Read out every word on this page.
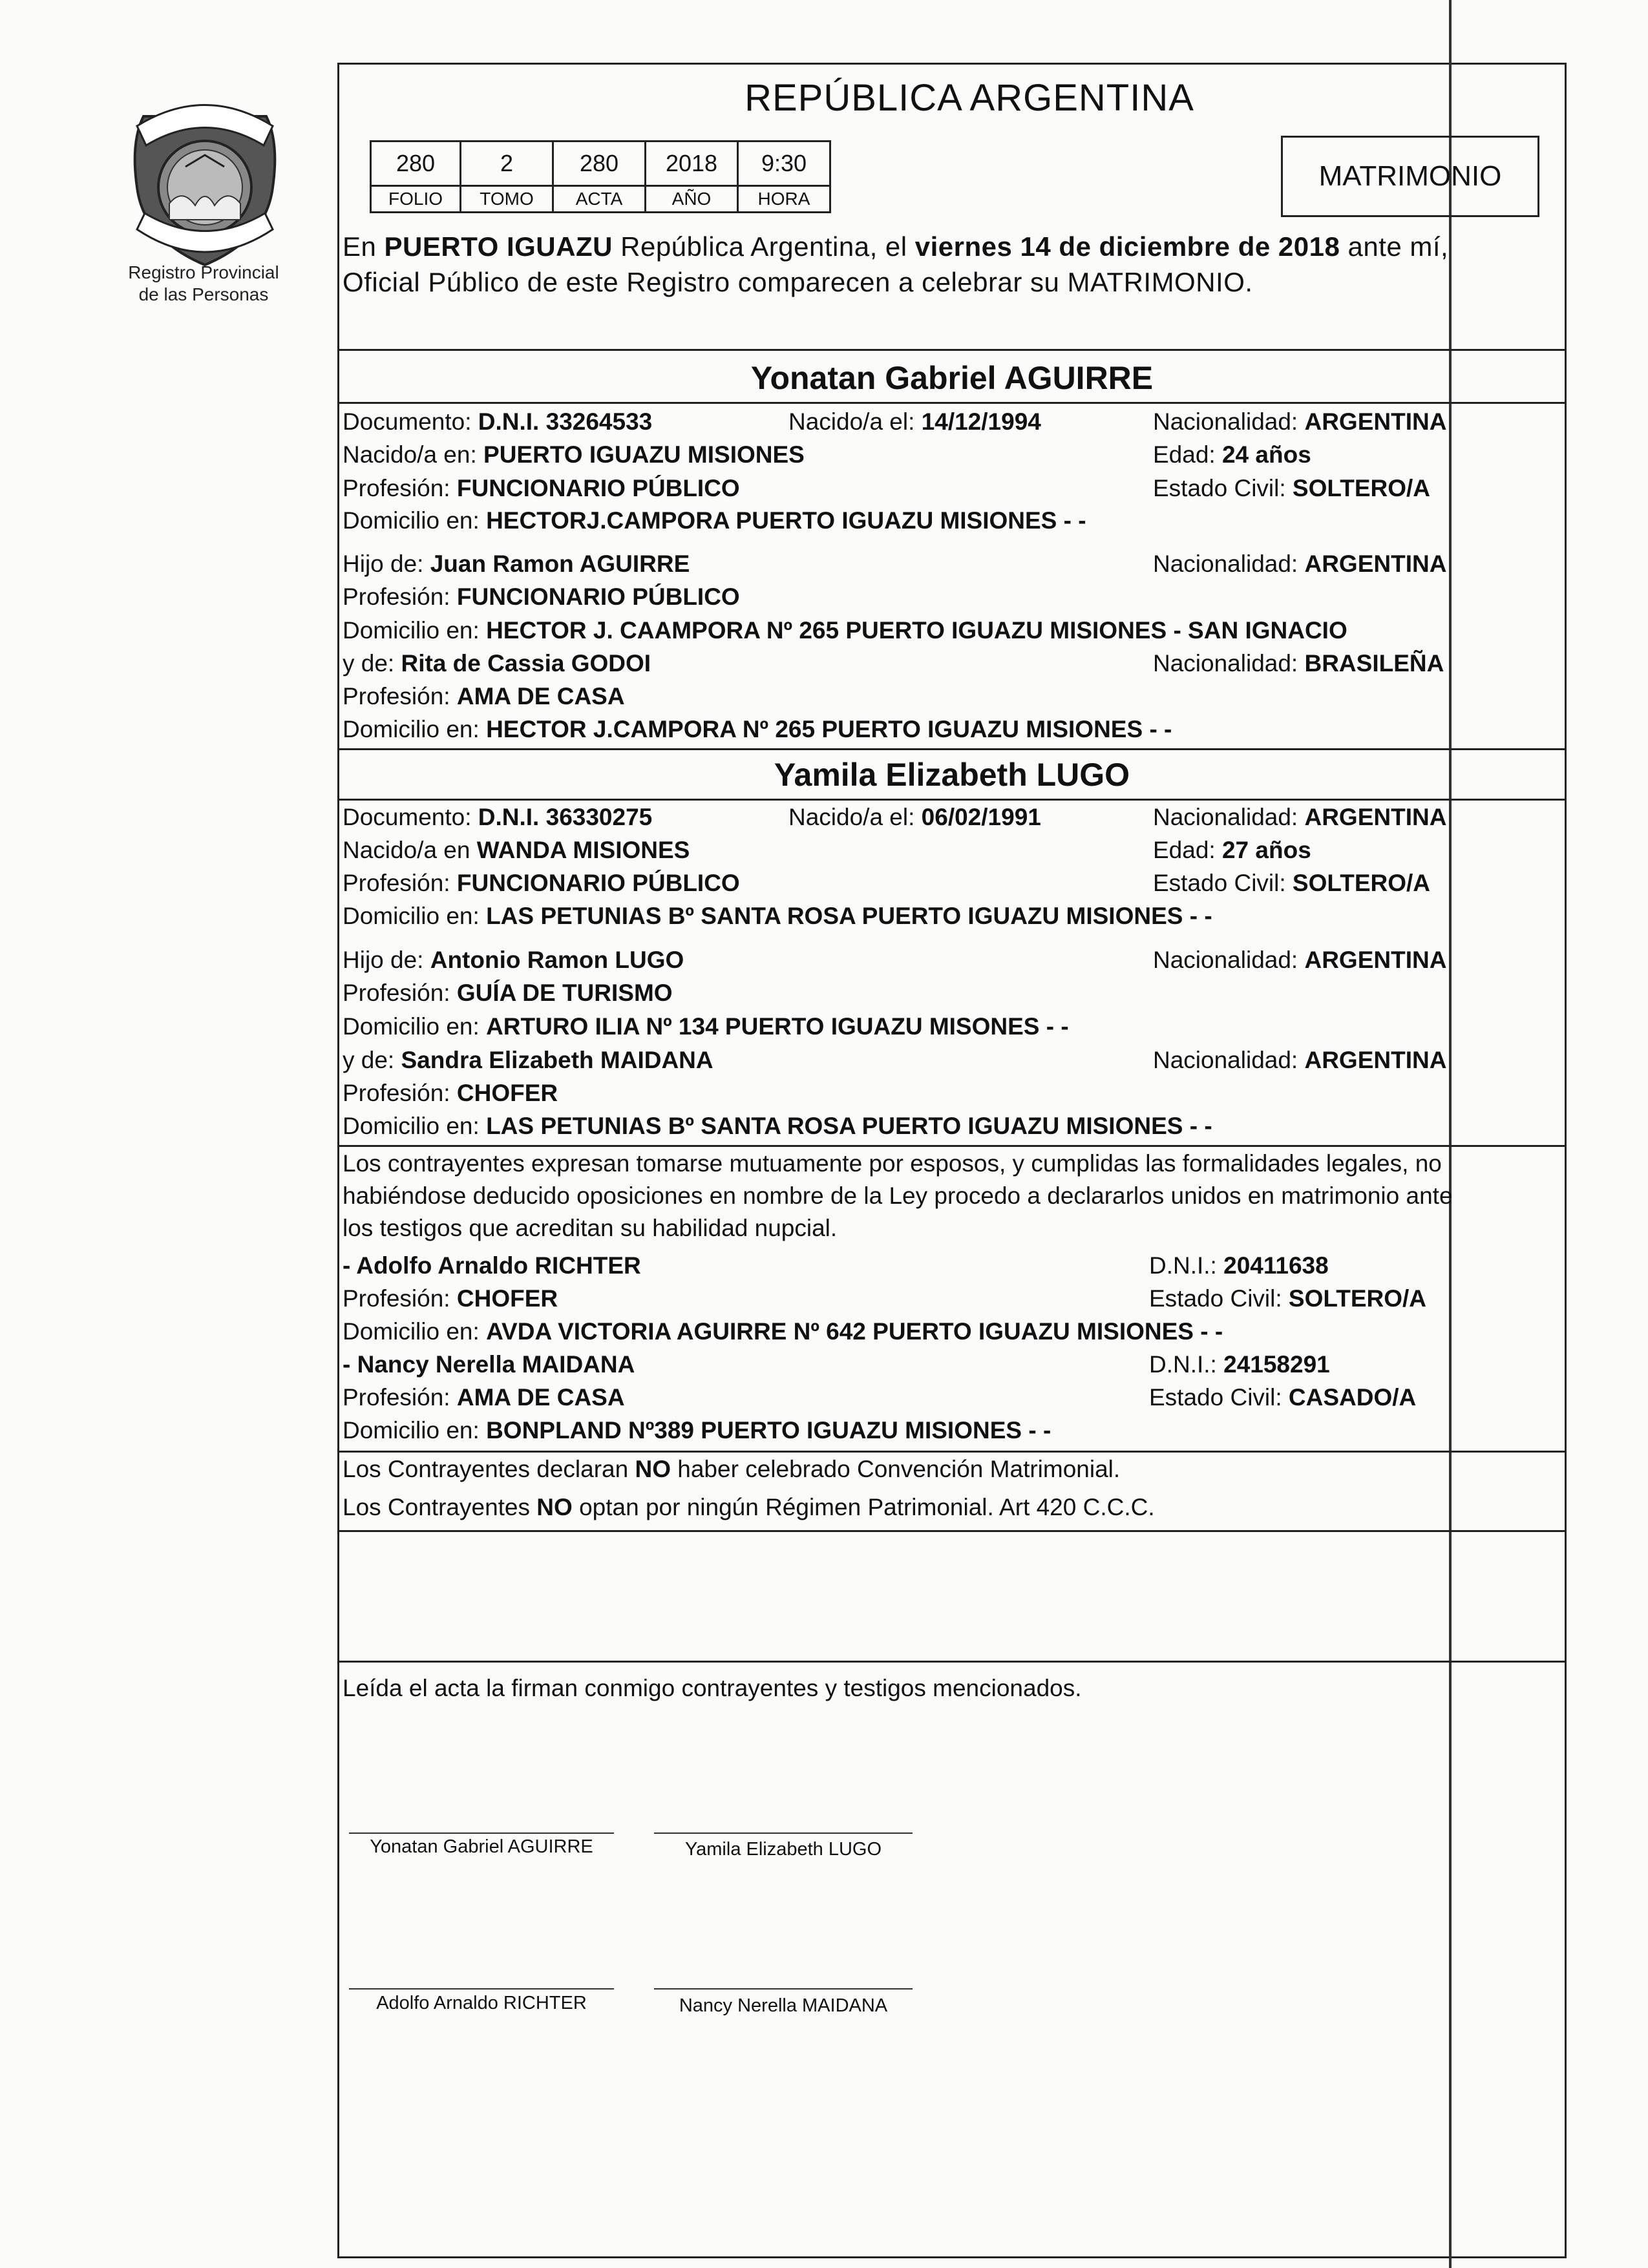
Registro Provincial
de las Personas
REPÚBLICA ARGENTINA
280	2	280	2018	9:30
FOLIO	TOMO	ACTA	AÑO	HORA
MATRIMONIO
En PUERTO IGUAZU República Argentina, el viernes 14 de diciembre de 2018 ante mí,
Oficial Público de este Registro comparecen a celebrar su MATRIMONIO.
Yonatan Gabriel AGUIRRE
Documento: D.N.I. 33264533	Nacido/a el: 14/12/1994	Nacionalidad: ARGENTINA
Nacido/a en: PUERTO IGUAZU MISIONES	Edad: 24 años
Profesión: FUNCIONARIO PÚBLICO	Estado Civil: SOLTERO/A
Domicilio en: HECTORJ.CAMPORA PUERTO IGUAZU MISIONES - -
Hijo de: Juan Ramon AGUIRRE	Nacionalidad: ARGENTINA
Profesión: FUNCIONARIO PÚBLICO
Domicilio en: HECTOR J. CAAMPORA Nº 265 PUERTO IGUAZU MISIONES - SAN IGNACIO
y de: Rita de Cassia GODOI	Nacionalidad: BRASILEÑA
Profesión: AMA DE CASA
Domicilio en: HECTOR J.CAMPORA Nº 265 PUERTO IGUAZU MISIONES - -
Yamila Elizabeth LUGO
Documento: D.N.I. 36330275	Nacido/a el: 06/02/1991	Nacionalidad: ARGENTINA
Nacido/a en WANDA MISIONES	Edad: 27 años
Profesión: FUNCIONARIO PÚBLICO	Estado Civil: SOLTERO/A
Domicilio en: LAS PETUNIAS Bº SANTA ROSA PUERTO IGUAZU MISIONES - -
Hijo de: Antonio Ramon LUGO	Nacionalidad: ARGENTINA
Profesión: GUÍA DE TURISMO
Domicilio en: ARTURO ILIA Nº 134 PUERTO IGUAZU MISONES - -
y de: Sandra Elizabeth MAIDANA	Nacionalidad: ARGENTINA
Profesión: CHOFER
Domicilio en: LAS PETUNIAS Bº SANTA ROSA PUERTO IGUAZU MISIONES - -
Los contrayentes expresan tomarse mutuamente por esposos, y cumplidas las formalidades legales, no
habiéndose deducido oposiciones en nombre de la Ley procedo a declararlos unidos en matrimonio ante
los testigos que acreditan su habilidad nupcial.
- Adolfo Arnaldo RICHTER	D.N.I.: 20411638
Profesión: CHOFER	Estado Civil: SOLTERO/A
Domicilio en: AVDA VICTORIA AGUIRRE Nº 642 PUERTO IGUAZU MISIONES - -
- Nancy Nerella MAIDANA	D.N.I.: 24158291
Profesión: AMA DE CASA	Estado Civil: CASADO/A
Domicilio en: BONPLAND Nº389 PUERTO IGUAZU MISIONES - -
Los Contrayentes declaran NO haber celebrado Convención Matrimonial.
Los Contrayentes NO optan por ningún Régimen Patrimonial. Art 420 C.C.C.
Leída el acta la firman conmigo contrayentes y testigos mencionados.
Yonatan Gabriel AGUIRRE	Yamila Elizabeth LUGO
Adolfo Arnaldo RICHTER	Nancy Nerella MAIDANA
